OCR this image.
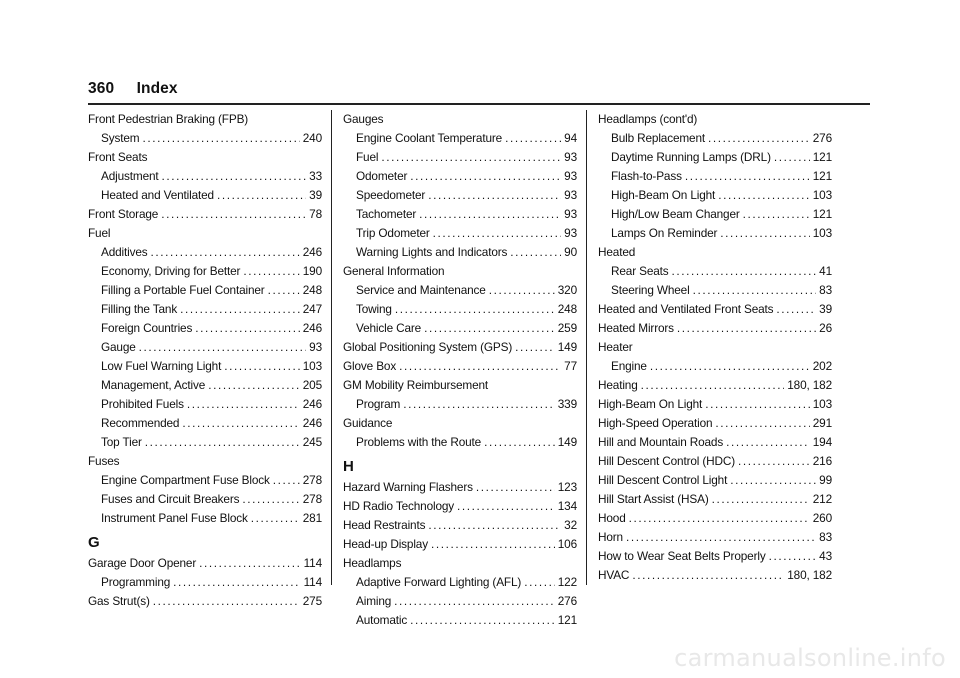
360 Index
Front Pedestrian Braking (FPB)
System .....	240
Front Seats
Adjustment .....	33
Heated and Ventilated .....	39
Front Storage .....	78
Fuel
Additives .....	246
Economy, Driving for Better .....	190
Filling a Portable Fuel Container .....	248
Filling the Tank .....	247
Foreign Countries .....	246
Gauge .....	93
Low Fuel Warning Light .....	103
Management, Active .....	205
Prohibited Fuels .....	246
Recommended .....	246
Top Tier .....	245
Fuses
Engine Compartment Fuse Block .....	278
Fuses and Circuit Breakers .....	278
Instrument Panel Fuse Block .....	281
G
Garage Door Opener .....	114
Programming .....	114
Gas Strut(s) .....	275
Gauges
Engine Coolant Temperature .....	94
Fuel .....	93
Odometer .....	93
Speedometer .....	93
Tachometer .....	93
Trip Odometer .....	93
Warning Lights and Indicators .....	90
General Information
Service and Maintenance .....	320
Towing .....	248
Vehicle Care .....	259
Global Positioning System (GPS) .....	149
Glove Box .....	77
GM Mobility Reimbursement
Program .....	339
Guidance
Problems with the Route .....	149
H
Hazard Warning Flashers .....	123
HD Radio Technology .....	134
Head Restraints .....	32
Head-up Display .....	106
Headlamps
Adaptive Forward Lighting (AFL) .....	122
Aiming .....	276
Automatic .....	121
Headlamps (cont'd)
Bulb Replacement .....	276
Daytime Running Lamps (DRL) .....	121
Flash-to-Pass .....	121
High-Beam On Light .....	103
High/Low Beam Changer .....	121
Lamps On Reminder .....	103
Heated
Rear Seats .....	41
Steering Wheel .....	83
Heated and Ventilated Front Seats .....	39
Heated Mirrors .....	26
Heater
Engine .....	202
Heating .....	180, 182
High-Beam On Light .....	103
High-Speed Operation .....	291
Hill and Mountain Roads .....	194
Hill Descent Control (HDC) .....	216
Hill Descent Control Light .....	99
Hill Start Assist (HSA) .....	212
Hood .....	260
Horn .....	83
How to Wear Seat Belts Properly .....	43
HVAC .....	180, 182
carmanualsonline.info
